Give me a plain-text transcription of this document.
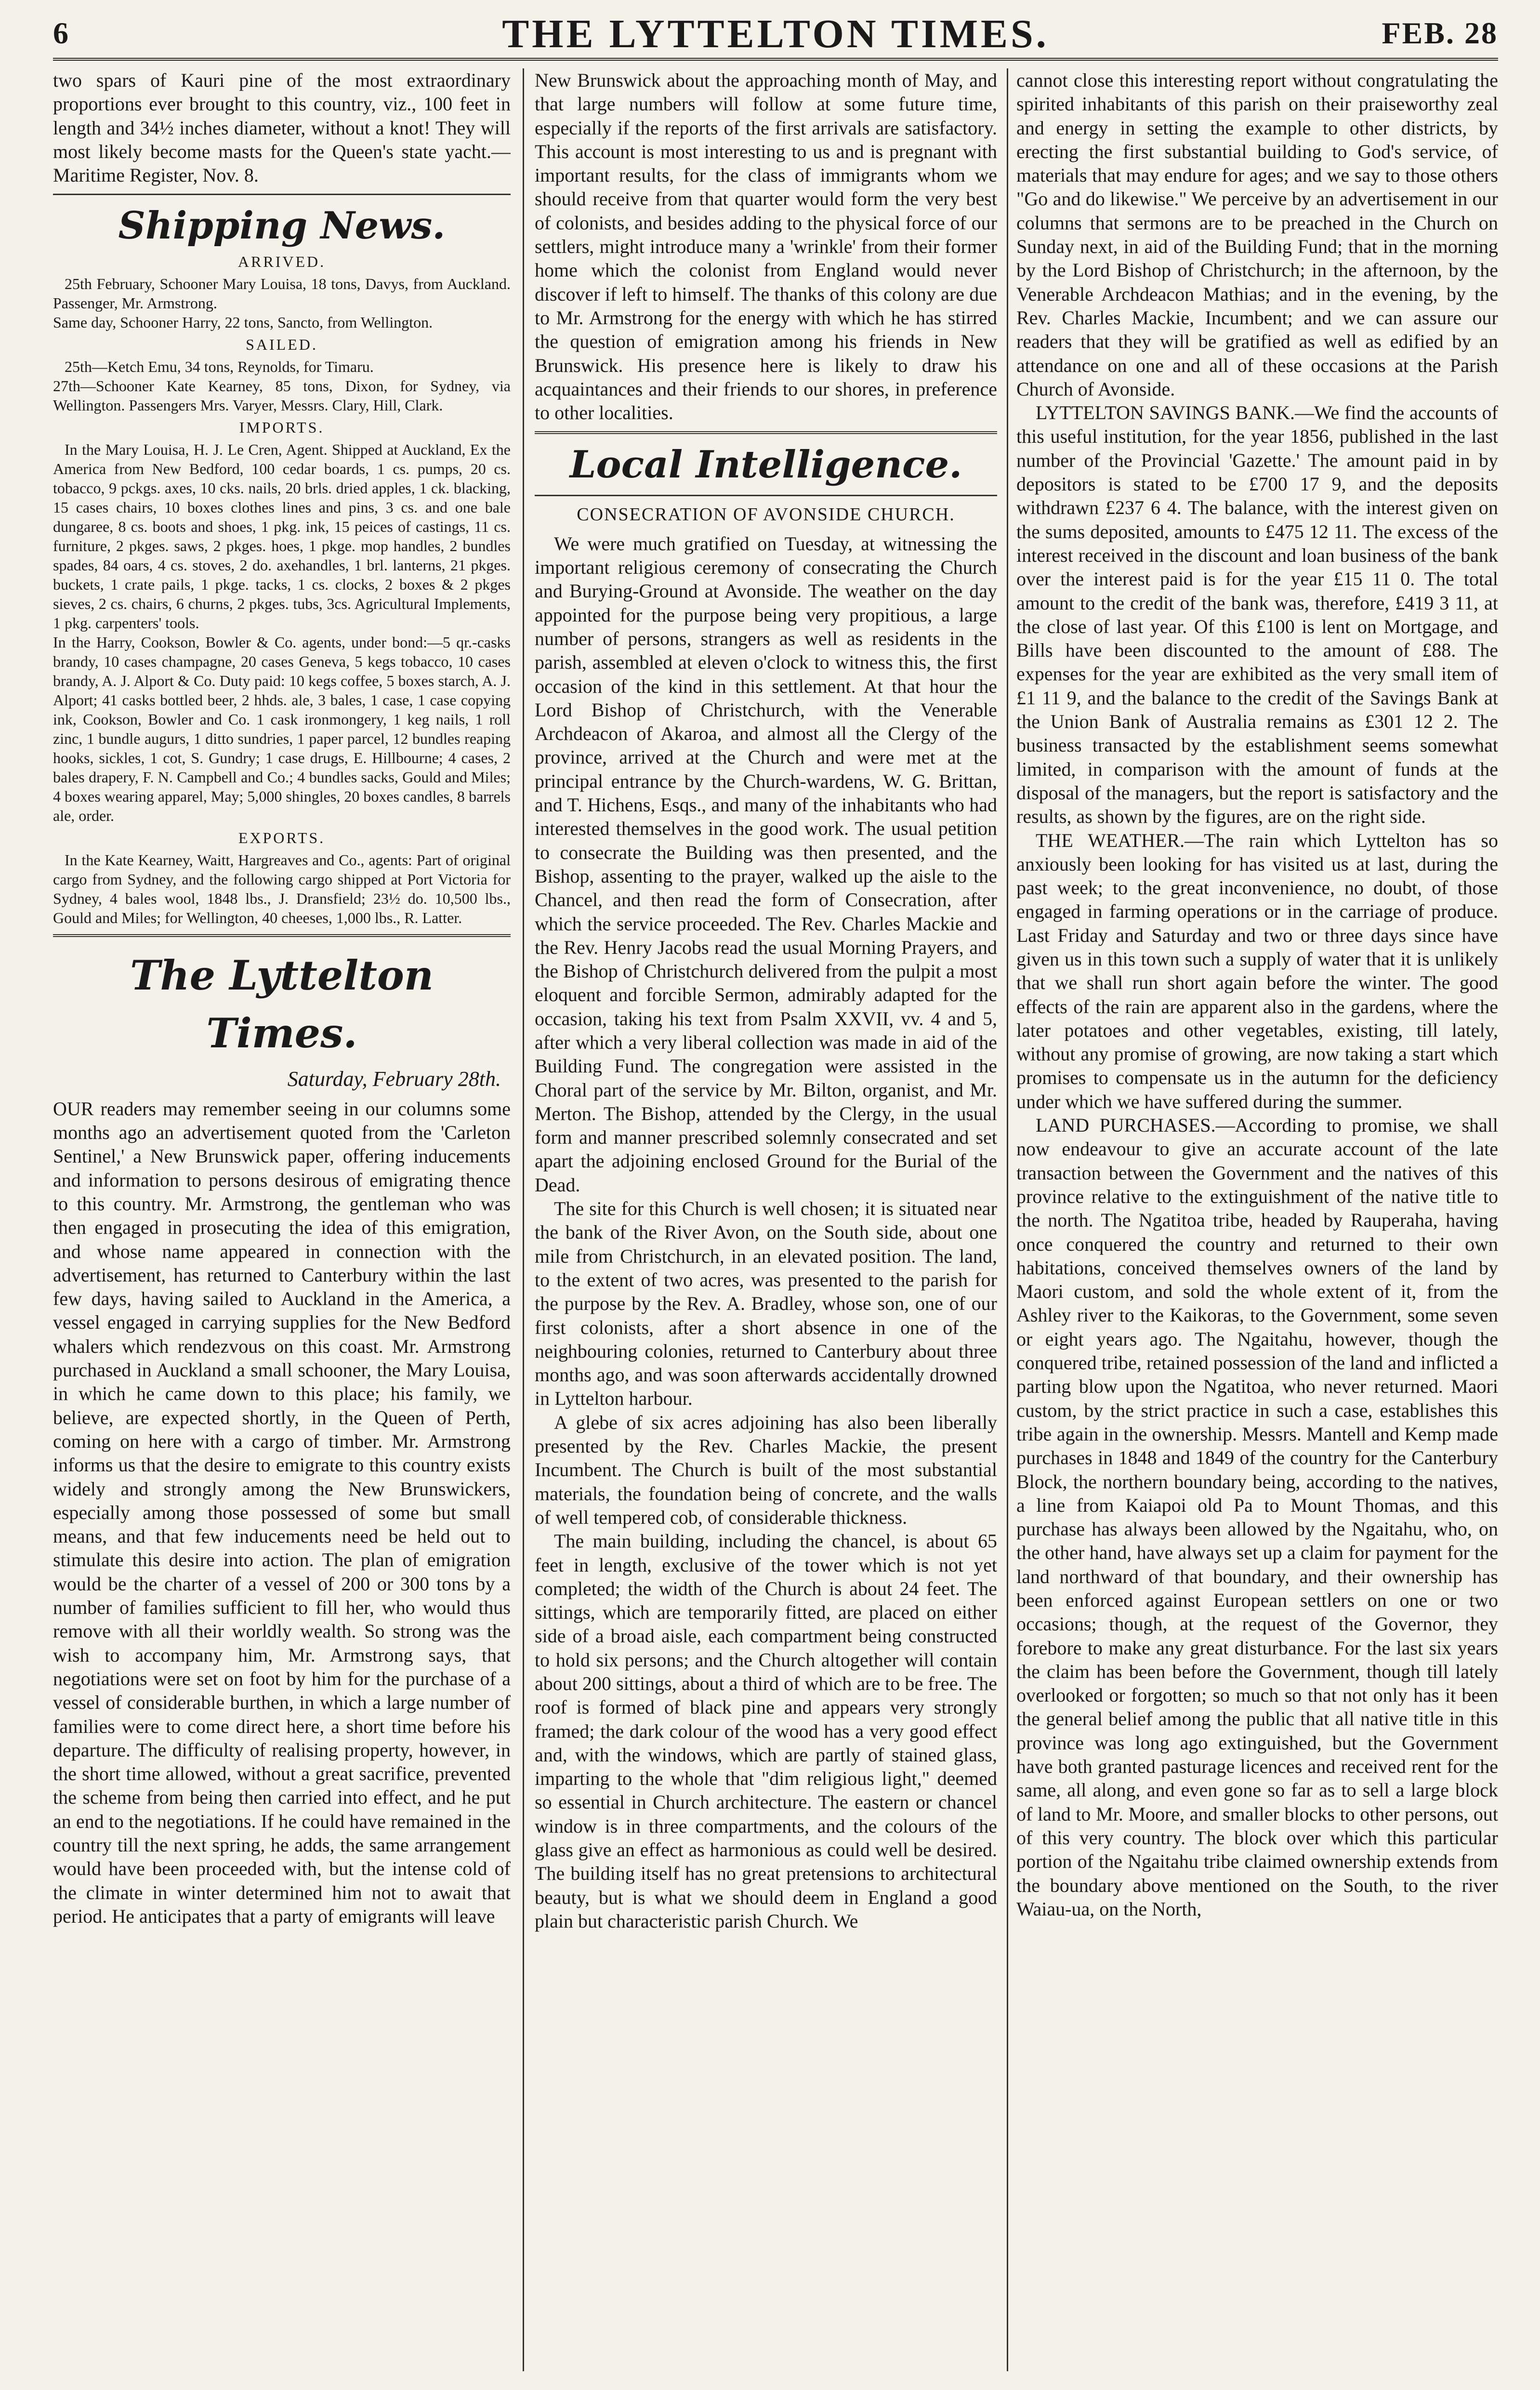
6	THE LYTTELTON TIMES.	FEB. 28

two spars of Kauri pine of the most extraordinary proportions ever brought to this country, viz., 100 feet in length and 34½ inches diameter, without a knot! They will most likely become masts for the Queen's state yacht.—Maritime Register, Nov. 8.

Shipping News.
ARRIVED.

25th February, Schooner Mary Louisa, 18 tons, Davys, from Auckland. Passenger, Mr. Armstrong.
Same day, Schooner Harry, 22 tons, Sancto, from Wellington.

SAILED.

25th—Ketch Emu, 34 tons, Reynolds, for Timaru.
27th—Schooner Kate Kearney, 85 tons, Dixon, for Sydney, via Wellington. Passengers Mrs. Varyer, Messrs. Clary, Hill, Clark.

IMPORTS.

In the Mary Louisa, H. J. Le Cren, Agent. Shipped at Auckland, Ex the America from New Bedford, 100 cedar boards, 1 cs. pumps, 20 cs. tobacco, 9 pckgs. axes, 10 cks. nails, 20 brls. dried apples, 1 ck. blacking, 15 cases chairs, 10 boxes clothes lines and pins, 3 cs. and one bale dungaree, 8 cs. boots and shoes, 1 pkg. ink, 15 peices of castings, 11 cs. furniture, 2 pkges. saws, 2 pkges. hoes, 1 pkge. mop handles, 2 bundles spades, 84 oars, 4 cs. stoves, 2 do. axehandles, 1 brl. lanterns, 21 pkges. buckets, 1 crate pails, 1 pkge. tacks, 1 cs. clocks, 2 boxes & 2 pkges sieves, 2 cs. chairs, 6 churns, 2 pkges. tubs, 3cs. Agricultural Implements, 1 pkg. carpenters' tools.
In the Harry, Cookson, Bowler & Co. agents, under bond:—5 qr.-casks brandy, 10 cases champagne, 20 cases Geneva, 5 kegs tobacco, 10 cases brandy, A. J. Alport & Co. Duty paid: 10 kegs coffee, 5 boxes starch, A. J. Alport; 41 casks bottled beer, 2 hhds. ale, 3 bales, 1 case, 1 case copying ink, Cookson, Bowler and Co. 1 cask ironmongery, 1 keg nails, 1 roll zinc, 1 bundle augurs, 1 ditto sundries, 1 paper parcel, 12 bundles reaping hooks, sickles, 1 cot, S. Gundry; 1 case drugs, E. Hillbourne; 4 cases, 2 bales drapery, F. N. Campbell and Co.; 4 bundles sacks, Gould and Miles; 4 boxes wearing apparel, May; 5,000 shingles, 20 boxes candles, 8 barrels ale, order.

EXPORTS.

In the Kate Kearney, Waitt, Hargreaves and Co., agents: Part of original cargo from Sydney, and the following cargo shipped at Port Victoria for Sydney, 4 bales wool, 1848 lbs., J. Dransfield; 23½ do. 10,500 lbs., Gould and Miles; for Wellington, 40 cheeses, 1,000 lbs., R. Latter.

The Lyttelton Times.
Saturday, February 28th.

OUR readers may remember seeing in our columns some months ago an advertisement quoted from the 'Carleton Sentinel,' a New Brunswick paper, offering inducements and information to persons desirous of emigrating thence to this country. Mr. Armstrong, the gentleman who was then engaged in prosecuting the idea of this emigration, and whose name appeared in connection with the advertisement, has returned to Canterbury within the last few days, having sailed to Auckland in the America, a vessel engaged in carrying supplies for the New Bedford whalers which rendezvous on this coast. Mr. Armstrong purchased in Auckland a small schooner, the Mary Louisa, in which he came down to this place; his family, we believe, are expected shortly, in the Queen of Perth, coming on here with a cargo of timber. Mr. Armstrong informs us that the desire to emigrate to this country exists widely and strongly among the New Brunswickers, especially among those possessed of some but small means, and that few inducements need be held out to stimulate this desire into action. The plan of emigration would be the charter of a vessel of 200 or 300 tons by a number of families sufficient to fill her, who would thus remove with all their worldly wealth. So strong was the wish to accompany him, Mr. Armstrong says, that negotiations were set on foot by him for the purchase of a vessel of considerable burthen, in which a large number of families were to come direct here, a short time before his departure. The difficulty of realising property, however, in the short time allowed, without a great sacrifice, prevented the scheme from being then carried into effect, and he put an end to the negotiations. If he could have remained in the country till the next spring, he adds, the same arrangement would have been proceeded with, but the intense cold of the climate in winter determined him not to await that period. He anticipates that a party of emigrants will leave

New Brunswick about the approaching month of May, and that large numbers will follow at some future time, especially if the reports of the first arrivals are satisfactory. This account is most interesting to us and is pregnant with important results, for the class of immigrants whom we should receive from that quarter would form the very best of colonists, and besides adding to the physical force of our settlers, might introduce many a 'wrinkle' from their former home which the colonist from England would never discover if left to himself. The thanks of this colony are due to Mr. Armstrong for the energy with which he has stirred the question of emigration among his friends in New Brunswick. His presence here is likely to draw his acquaintances and their friends to our shores, in preference to other localities.

Local Intelligence.
CONSECRATION OF AVONSIDE CHURCH.

We were much gratified on Tuesday, at witnessing the important religious ceremony of consecrating the Church and Burying-Ground at Avonside. The weather on the day appointed for the purpose being very propitious, a large number of persons, strangers as well as residents in the parish, assembled at eleven o'clock to witness this, the first occasion of the kind in this settlement. At that hour the Lord Bishop of Christchurch, with the Venerable Archdeacon of Akaroa, and almost all the Clergy of the province, arrived at the Church and were met at the principal entrance by the Church-wardens, W. G. Brittan, and T. Hichens, Esqs., and many of the inhabitants who had interested themselves in the good work. The usual petition to consecrate the Building was then presented, and the Bishop, assenting to the prayer, walked up the aisle to the Chancel, and then read the form of Consecration, after which the service proceeded. The Rev. Charles Mackie and the Rev. Henry Jacobs read the usual Morning Prayers, and the Bishop of Christchurch delivered from the pulpit a most eloquent and forcible Sermon, admirably adapted for the occasion, taking his text from Psalm XXVII, vv. 4 and 5, after which a very liberal collection was made in aid of the Building Fund. The congregation were assisted in the Choral part of the service by Mr. Bilton, organist, and Mr. Merton. The Bishop, attended by the Clergy, in the usual form and manner prescribed solemnly consecrated and set apart the adjoining enclosed Ground for the Burial of the Dead.

The site for this Church is well chosen; it is situated near the bank of the River Avon, on the South side, about one mile from Christchurch, in an elevated position. The land, to the extent of two acres, was presented to the parish for the purpose by the Rev. A. Bradley, whose son, one of our first colonists, after a short absence in one of the neighbouring colonies, returned to Canterbury about three months ago, and was soon afterwards accidentally drowned in Lyttelton harbour.

A glebe of six acres adjoining has also been liberally presented by the Rev. Charles Mackie, the present Incumbent. The Church is built of the most substantial materials, the foundation being of concrete, and the walls of well tempered cob, of considerable thickness.

The main building, including the chancel, is about 65 feet in length, exclusive of the tower which is not yet completed; the width of the Church is about 24 feet. The sittings, which are temporarily fitted, are placed on either side of a broad aisle, each compartment being constructed to hold six persons; and the Church altogether will contain about 200 sittings, about a third of which are to be free. The roof is formed of black pine and appears very strongly framed; the dark colour of the wood has a very good effect and, with the windows, which are partly of stained glass, imparting to the whole that "dim religious light," deemed so essential in Church architecture. The eastern or chancel window is in three compartments, and the colours of the glass give an effect as harmonious as could well be desired. The building itself has no great pretensions to architectural beauty, but is what we should deem in England a good plain but characteristic parish Church. We

cannot close this interesting report without congratulating the spirited inhabitants of this parish on their praiseworthy zeal and energy in setting the example to other districts, by erecting the first substantial building to God's service, of materials that may endure for ages; and we say to those others "Go and do likewise." We perceive by an advertisement in our columns that sermons are to be preached in the Church on Sunday next, in aid of the Building Fund; that in the morning by the Lord Bishop of Christchurch; in the afternoon, by the Venerable Archdeacon Mathias; and in the evening, by the Rev. Charles Mackie, Incumbent; and we can assure our readers that they will be gratified as well as edified by an attendance on one and all of these occasions at the Parish Church of Avonside.

LYTTELTON SAVINGS BANK.—We find the accounts of this useful institution, for the year 1856, published in the last number of the Provincial 'Gazette.' The amount paid in by depositors is stated to be £700 17 9, and the deposits withdrawn £237 6 4. The balance, with the interest given on the sums deposited, amounts to £475 12 11. The excess of the interest received in the discount and loan business of the bank over the interest paid is for the year £15 11 0. The total amount to the credit of the bank was, therefore, £419 3 11, at the close of last year. Of this £100 is lent on Mortgage, and Bills have been discounted to the amount of £88. The expenses for the year are exhibited as the very small item of £1 11 9, and the balance to the credit of the Savings Bank at the Union Bank of Australia remains as £301 12 2. The business transacted by the establishment seems somewhat limited, in comparison with the amount of funds at the disposal of the managers, but the report is satisfactory and the results, as shown by the figures, are on the right side.

THE WEATHER.—The rain which Lyttelton has so anxiously been looking for has visited us at last, during the past week; to the great inconvenience, no doubt, of those engaged in farming operations or in the carriage of produce. Last Friday and Saturday and two or three days since have given us in this town such a supply of water that it is unlikely that we shall run short again before the winter. The good effects of the rain are apparent also in the gardens, where the later potatoes and other vegetables, existing, till lately, without any promise of growing, are now taking a start which promises to compensate us in the autumn for the deficiency under which we have suffered during the summer.

LAND PURCHASES.—According to promise, we shall now endeavour to give an accurate account of the late transaction between the Government and the natives of this province relative to the extinguishment of the native title to the north. The Ngatitoa tribe, headed by Rauperaha, having once conquered the country and returned to their own habitations, conceived themselves owners of the land by Maori custom, and sold the whole extent of it, from the Ashley river to the Kaikoras, to the Government, some seven or eight years ago. The Ngaitahu, however, though the conquered tribe, retained possession of the land and inflicted a parting blow upon the Ngatitoa, who never returned. Maori custom, by the strict practice in such a case, establishes this tribe again in the ownership. Messrs. Mantell and Kemp made purchases in 1848 and 1849 of the country for the Canterbury Block, the northern boundary being, according to the natives, a line from Kaiapoi old Pa to Mount Thomas, and this purchase has always been allowed by the Ngaitahu, who, on the other hand, have always set up a claim for payment for the land northward of that boundary, and their ownership has been enforced against European settlers on one or two occasions; though, at the request of the Governor, they forebore to make any great disturbance. For the last six years the claim has been before the Government, though till lately overlooked or forgotten; so much so that not only has it been the general belief among the public that all native title in this province was long ago extinguished, but the Government have both granted pasturage licences and received rent for the same, all along, and even gone so far as to sell a large block of land to Mr. Moore, and smaller blocks to other persons, out of this very country. The block over which this particular portion of the Ngaitahu tribe claimed ownership extends from the boundary above mentioned on the South, to the river Waiau-ua, on the North,
